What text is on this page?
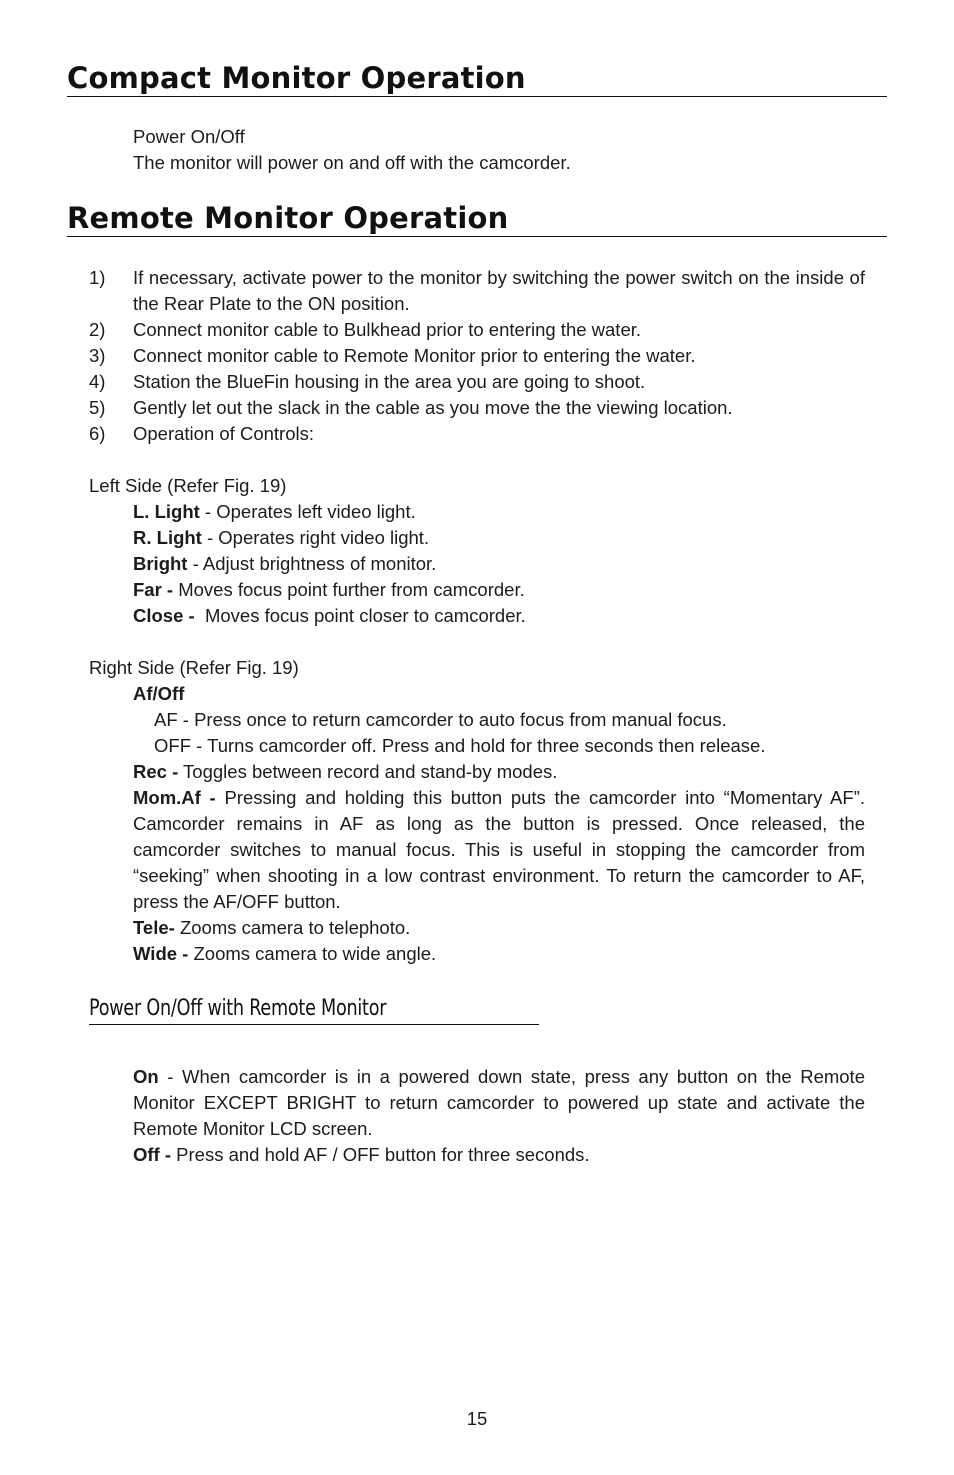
Compact Monitor Operation
Power On/Off
The monitor will power on and off with the camcorder.
Remote Monitor Operation
1) If necessary, activate power to the monitor by switching the power switch on the inside of the Rear Plate to the ON position.
2) Connect monitor cable to Bulkhead prior to entering the water.
3) Connect monitor cable to Remote Monitor prior to entering the water.
4) Station the BlueFin housing in the area you are going to shoot.
5) Gently let out the slack in the cable as you move the the viewing location.
6) Operation of Controls:
Left Side (Refer Fig. 19)
L. Light - Operates left video light.
R. Light - Operates right video light.
Bright - Adjust brightness of monitor.
Far - Moves focus point further from camcorder.
Close -  Moves focus point closer to camcorder.
Right Side (Refer Fig. 19)
Af/Off
AF - Press once to return camcorder to auto focus from manual focus.
OFF - Turns camcorder off. Press and hold for three seconds then release.
Rec - Toggles between record and stand-by modes.
Mom.Af - Pressing and holding this button puts the camcorder into “Momentary AF”. Camcorder remains in AF as long as the button is pressed. Once released, the camcorder switches to manual focus. This is useful in stopping the camcorder from “seeking” when shooting in a low contrast environment. To return the camcorder to AF, press the AF/OFF button.
Tele- Zooms camera to telephoto.
Wide - Zooms camera to wide angle.
Power On/Off with Remote Monitor
On - When camcorder is in a powered down state, press any button on the Remote Monitor EXCEPT BRIGHT to return camcorder to powered up state and activate the Remote Monitor LCD screen.
Off - Press and hold AF / OFF button for three seconds.
15
